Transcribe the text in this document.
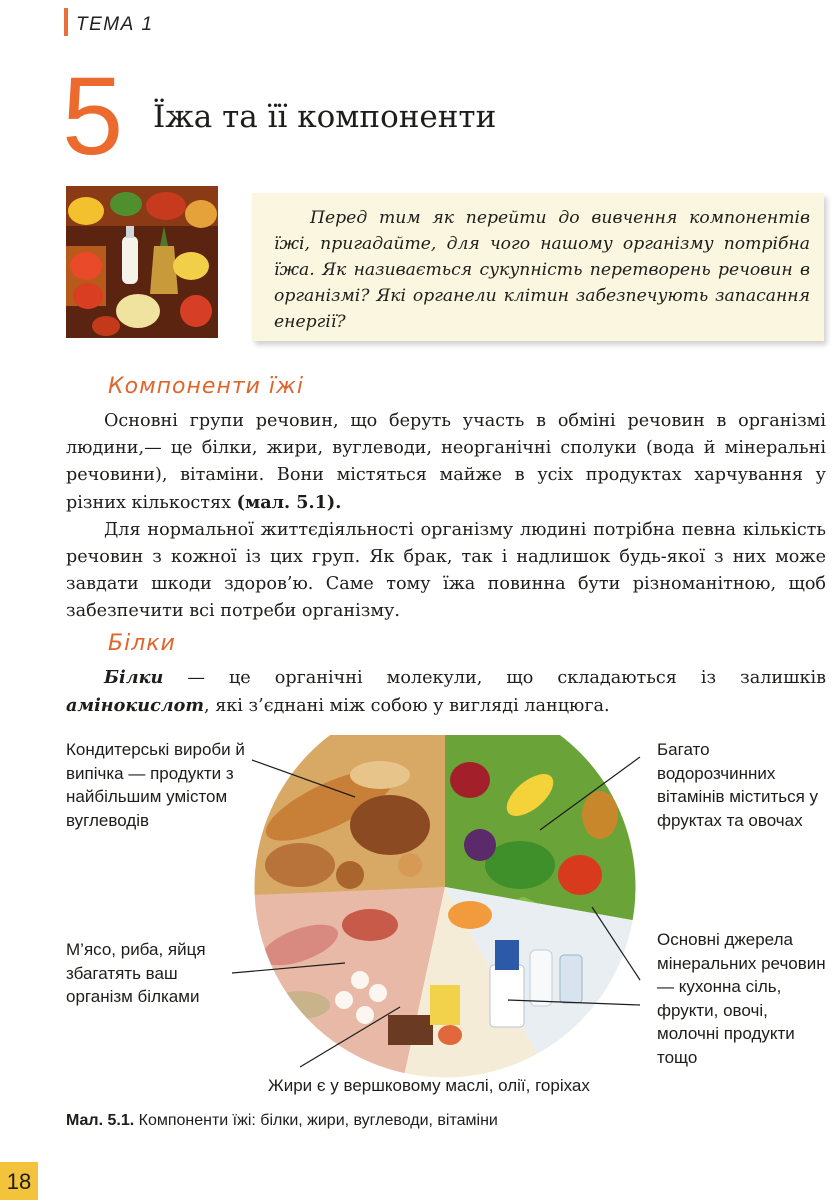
ТЕМА 1
5 Їжа та її компоненти

Перед тим як перейти до вивчення компонентів їжі, пригадайте, для чого нашому організму потрібна їжа. Як називається сукупність перетворень речовин в організмі? Які органели клітин забезпечують запасання енергії?

Компоненти їжі

Основні групи речовин, що беруть участь в обміні речовин в організмі людини,— це білки, жири, вуглеводи, неорганічні сполуки (вода й мінеральні речовини), вітаміни. Вони містяться майже в усіх продуктах харчування у різних кількостях (мал. 5.1).

Для нормальної життєдіяльності організму людині потрібна певна кількість речовин з кожної із цих груп. Як брак, так і надлишок будь-якої з них може завдати шкоди здоров’ю. Саме тому їжа повинна бути різноманітною, щоб забезпечити всі потреби організму.

Білки

Білки — це органічні молекули, що складаються із залишків амінокислот, які з’єднані між собою у вигляді ланцюга.

Кондитерські вироби й випічка — продукти з найбільшим умістом вуглеводів

Багато водорозчинних вітамінів міститься у фруктах та овочах

М’ясо, риба, яйця збагатять ваш організм білками

Основні джерела мінеральних речовин — кухонна сіль, фрукти, овочі, молочні продукти тощо

Жири є у вершковому маслі, олії, горіхах

Мал. 5.1. Компоненти їжі: білки, жири, вуглеводи, вітаміни
18
